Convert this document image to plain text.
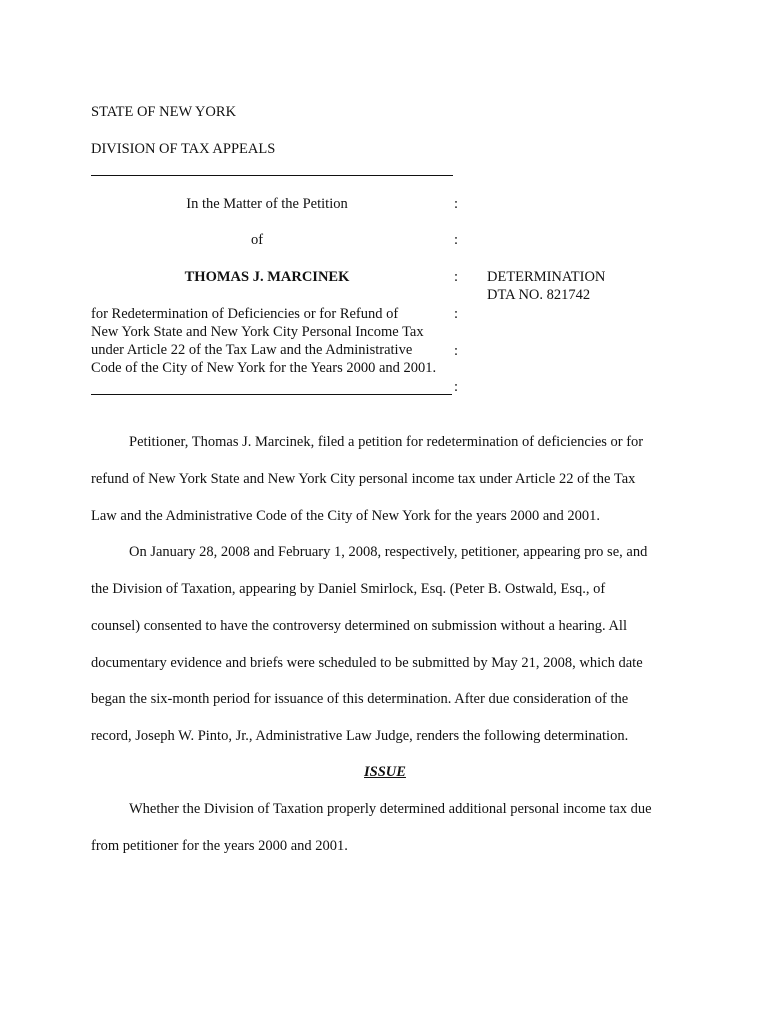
STATE OF NEW YORK
DIVISION OF TAX APPEALS
In the Matter of the Petition	:
of	:
THOMAS J. MARCINEK	:
for Redetermination of Deficiencies or for Refund of	:
New York State and New York City Personal Income Tax
under Article 22 of the Tax Law and the Administrative	:
Code of the City of New York for the Years 2000 and 2001.
:
DETERMINATION
DTA NO. 821742
Petitioner, Thomas J. Marcinek, filed a petition for redetermination of deficiencies or for
refund of New York State and New York City personal income tax under Article 22 of the Tax
Law and the Administrative Code of the City of New York for the years 2000 and 2001.
On January 28, 2008 and February 1, 2008, respectively, petitioner, appearing pro se, and
the Division of Taxation, appearing by Daniel Smirlock, Esq. (Peter B. Ostwald, Esq., of
counsel) consented to have the controversy determined on submission without a hearing. All
documentary evidence and briefs were scheduled to be submitted by May 21, 2008, which date
began the six-month period for issuance of this determination. After due consideration of the
record, Joseph W. Pinto, Jr., Administrative Law Judge, renders the following determination.
ISSUE
Whether the Division of Taxation properly determined additional personal income tax due
from petitioner for the years 2000 and 2001.
